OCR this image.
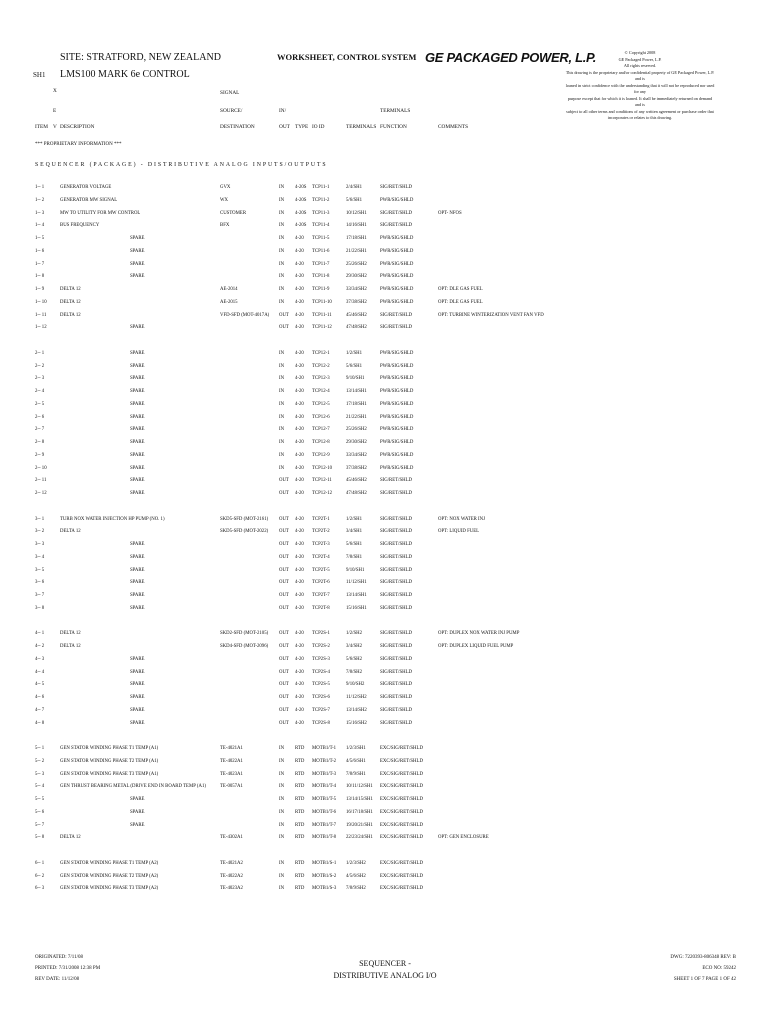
SITE: STRATFORD, NEW ZEALAND
SH1 LMS100 MARK 6e CONTROL
WORKSHEET, CONTROL SYSTEM GE PACKAGED POWER, L.P.	© Copyright 2008
GE Packaged Power, L.P.
All rights reserved.
This drawing is the proprietary and/or confidential property of GE Packaged Power, L.P. and is
loaned in strict confidence with the understanding that it will not be reproduced nor used for any
purpose except that for which it is loaned. It shall be immediately returned on demand and is
subject to all other terms and conditions of any written agreement or purchase order that
incorporates or relates to this drawing.
X	SIGNAL
E	SOURCE/	IN/	TERMINALS
ITEM V DESCRIPTION	DESTINATION	OUT TYPE IO ID	TERMINALS FUNCTION	COMMENTS
*** PROPRIETARY INFORMATION ***
SEQUENCER (PACKAGE) - DISTRIBUTIVE ANALOG INPUTS/OUTPUTS
1-- 1	GENERATOR VOLTAGE	GVX	IN 4-20S TCP11-1	2/4/SH1	SIG/RET/SHLD
1-- 2	GENERATOR MW SIGNAL	WX	IN 4-20S TCP11-2	5/6/SH1	PWR/SIG/SHLD
1-- 3	MW TO UTILITY FOR MW CONTROL	CUSTOMER	IN 4-20S TCP11-3	10/12/SH1	SIG/RET/SHLD	OPT- NFOS
1-- 4	BUS FREQUENCY	BFX	IN 4-20S TCP11-4	14/16/SH1	SIG/RET/SHLD
1-- 5	SPARE	IN 4-20 TCP11-5	17/18/SH1	PWR/SIG/SHLD
1-- 6	SPARE	IN 4-20 TCP11-6	21/22/SH1	PWR/SIG/SHLD
1-- 7	SPARE	IN 4-20 TCP11-7	25/26/SH2	PWR/SIG/SHLD
1-- 8	SPARE	IN 4-20 TCP11-8	29/30/SH2	PWR/SIG/SHLD
1-- 9	DELTA 12	AE-2014	IN 4-20 TCP11-9	33/34/SH2	PWR/SIG/SHLD	OPT: DLE GAS FUEL
1-- 10	DELTA 12	AE-2015	IN 4-20 TCP11-10	37/38/SH2	PWR/SIG/SHLD	OPT: DLE GAS FUEL
1-- 11	DELTA 12	VFD-SFD (MOT-4017A) OUT 4-20 TCP11-11	45/46/SH2	SIG/RET/SHLD	OPT: TURBINE WINTERIZATION VENT FAN VFD
1-- 12	SPARE	OUT 4-20 TCP11-12	47/48/SH2	SIG/RET/SHLD
2-- 1	SPARE	IN 4-20 TCP12-1	1/2/SH1	PWR/SIG/SHLD
2-- 2	SPARE	IN 4-20 TCP12-2	5/6/SH1	PWR/SIG/SHLD
2-- 3	SPARE	IN 4-20 TCP12-3	9/10/SH1	PWR/SIG/SHLD
2-- 4	SPARE	IN 4-20 TCP12-4	13/14/SH1	PWR/SIG/SHLD
2-- 5	SPARE	IN 4-20 TCP12-5	17/18/SH1	PWR/SIG/SHLD
2-- 6	SPARE	IN 4-20 TCP12-6	21/22/SH1	PWR/SIG/SHLD
2-- 7	SPARE	IN 4-20 TCP12-7	25/26/SH2	PWR/SIG/SHLD
2-- 8	SPARE	IN 4-20 TCP12-8	29/30/SH2	PWR/SIG/SHLD
2-- 9	SPARE	IN 4-20 TCP12-9	33/34/SH2	PWR/SIG/SHLD
2-- 10	SPARE	IN 4-20 TCP12-10	37/38/SH2	PWR/SIG/SHLD
2-- 11	SPARE	OUT 4-20 TCP12-11	45/46/SH2	SIG/RET/SHLD
2-- 12	SPARE	OUT 4-20 TCP12-12	47/48/SH2	SIG/RET/SHLD
3-- 1	TURB NOX WATER INJECTION HP PUMP (NO. 1)	SKD5-SFD (MOT-2161) OUT 4-20 TCP2T-1	1/2/SH1	SIG/RET/SHLD	OPT: NOX WATER INJ
3-- 2	DELTA 12	SKD5-SFD (MOT-2022) OUT 4-20 TCP2T-2	3/4/SH1	SIG/RET/SHLD	OPT: LIQUID FUEL
3-- 3	SPARE	OUT 4-20 TCP2T-3	5/6/SH1	SIG/RET/SHLD
3-- 4	SPARE	OUT 4-20 TCP2T-4	7/8/SH1	SIG/RET/SHLD
3-- 5	SPARE	OUT 4-20 TCP2T-5	9/10/SH1	SIG/RET/SHLD
3-- 6	SPARE	OUT 4-20 TCP2T-6	11/12/SH1	SIG/RET/SHLD
3-- 7	SPARE	OUT 4-20 TCP2T-7	13/14/SH1	SIG/RET/SHLD
3-- 8	SPARE	OUT 4-20 TCP2T-8	15/16/SH1	SIG/RET/SHLD
4-- 1	DELTA 12	SKD2-SFD (MOT-2105) OUT 4-20 TCP2S-1	1/2/SH2	SIG/RET/SHLD	OPT: DUPLEX NOX WATER INJ PUMP
4-- 2	DELTA 12	SKD4-SFD (MOT-2096) OUT 4-20 TCP2S-2	3/4/SH2	SIG/RET/SHLD	OPT: DUPLEX LIQUID FUEL PUMP
4-- 3	SPARE	OUT 4-20 TCP2S-3	5/6/SH2	SIG/RET/SHLD
4-- 4	SPARE	OUT 4-20 TCP2S-4	7/8/SH2	SIG/RET/SHLD
4-- 5	SPARE	OUT 4-20 TCP2S-5	9/10/SH2	SIG/RET/SHLD
4-- 6	SPARE	OUT 4-20 TCP2S-6	11/12/SH2	SIG/RET/SHLD
4-- 7	SPARE	OUT 4-20 TCP2S-7	13/14/SH2	SIG/RET/SHLD
4-- 8	SPARE	OUT 4-20 TCP2S-8	15/16/SH2	SIG/RET/SHLD
5-- 1	GEN STATOR WINDING PHASE T1 TEMP (A1)	TE-4021A1	IN RTD MOTB1/T-1 1/2/3/SH1	EXC/SIG/RET/SHLD
5-- 2	GEN STATOR WINDING PHASE T2 TEMP (A1)	TE-4022A1	IN RTD MOTB1/T-2 4/5/6/SH1	EXC/SIG/RET/SHLD
5-- 3	GEN STATOR WINDING PHASE T3 TEMP (A1)	TE-4023A1	IN RTD MOTB1/T-3 7/8/9/SH1	EXC/SIG/RET/SHLD
5-- 4	GEN THRUST BEARING METAL (DRIVE END IN BOARD TEMP (A1)	TE-0057A1	IN RTD MOTB1/T-4 10/11/12/SH1 EXC/SIG/RET/SHLD
5-- 5	SPARE	IN RTD MOTB1/T-5 13/14/15/SH1 EXC/SIG/RET/SHLD
5-- 6	SPARE	IN RTD MOTB1/T-6 16/17/18/SH1 EXC/SIG/RET/SHLD
5-- 7	SPARE	IN RTD MOTB1/T-7 19/20/21/SH1 EXC/SIG/RET/SHLD
5-- 8	DELTA 12	TE-4302A1	IN RTD MOTB1/T-8 22/23/24/SH1 EXC/SIG/RET/SHLD	OPT: GEN ENCLOSURE
6-- 1	GEN STATOR WINDING PHASE T1 TEMP (A2)	TE-4021A2	IN RTD MOTB1/S-1 1/2/3/SH2	EXC/SIG/RET/SHLD
6-- 2	GEN STATOR WINDING PHASE T2 TEMP (A2)	TE-4022A2	IN RTD MOTB1/S-2 4/5/6/SH2	EXC/SIG/RET/SHLD
6-- 3	GEN STATOR WINDING PHASE T3 TEMP (A2)	TE-4023A2	IN RTD MOTB1/S-3 7/8/9/SH2	EXC/SIG/RET/SHLD
ORIGINATED: 7/11/08
PRINTED: 7/31/2008 12:38 PM
REV DATE: 11/12/08
SEQUENCER -
DISTRIBUTIVE ANALOG I/O
DWG: 7220393-806348 REV: B
ECO NO: 59242
SHEET 1 OF 7 PAGE 1 OF 42
